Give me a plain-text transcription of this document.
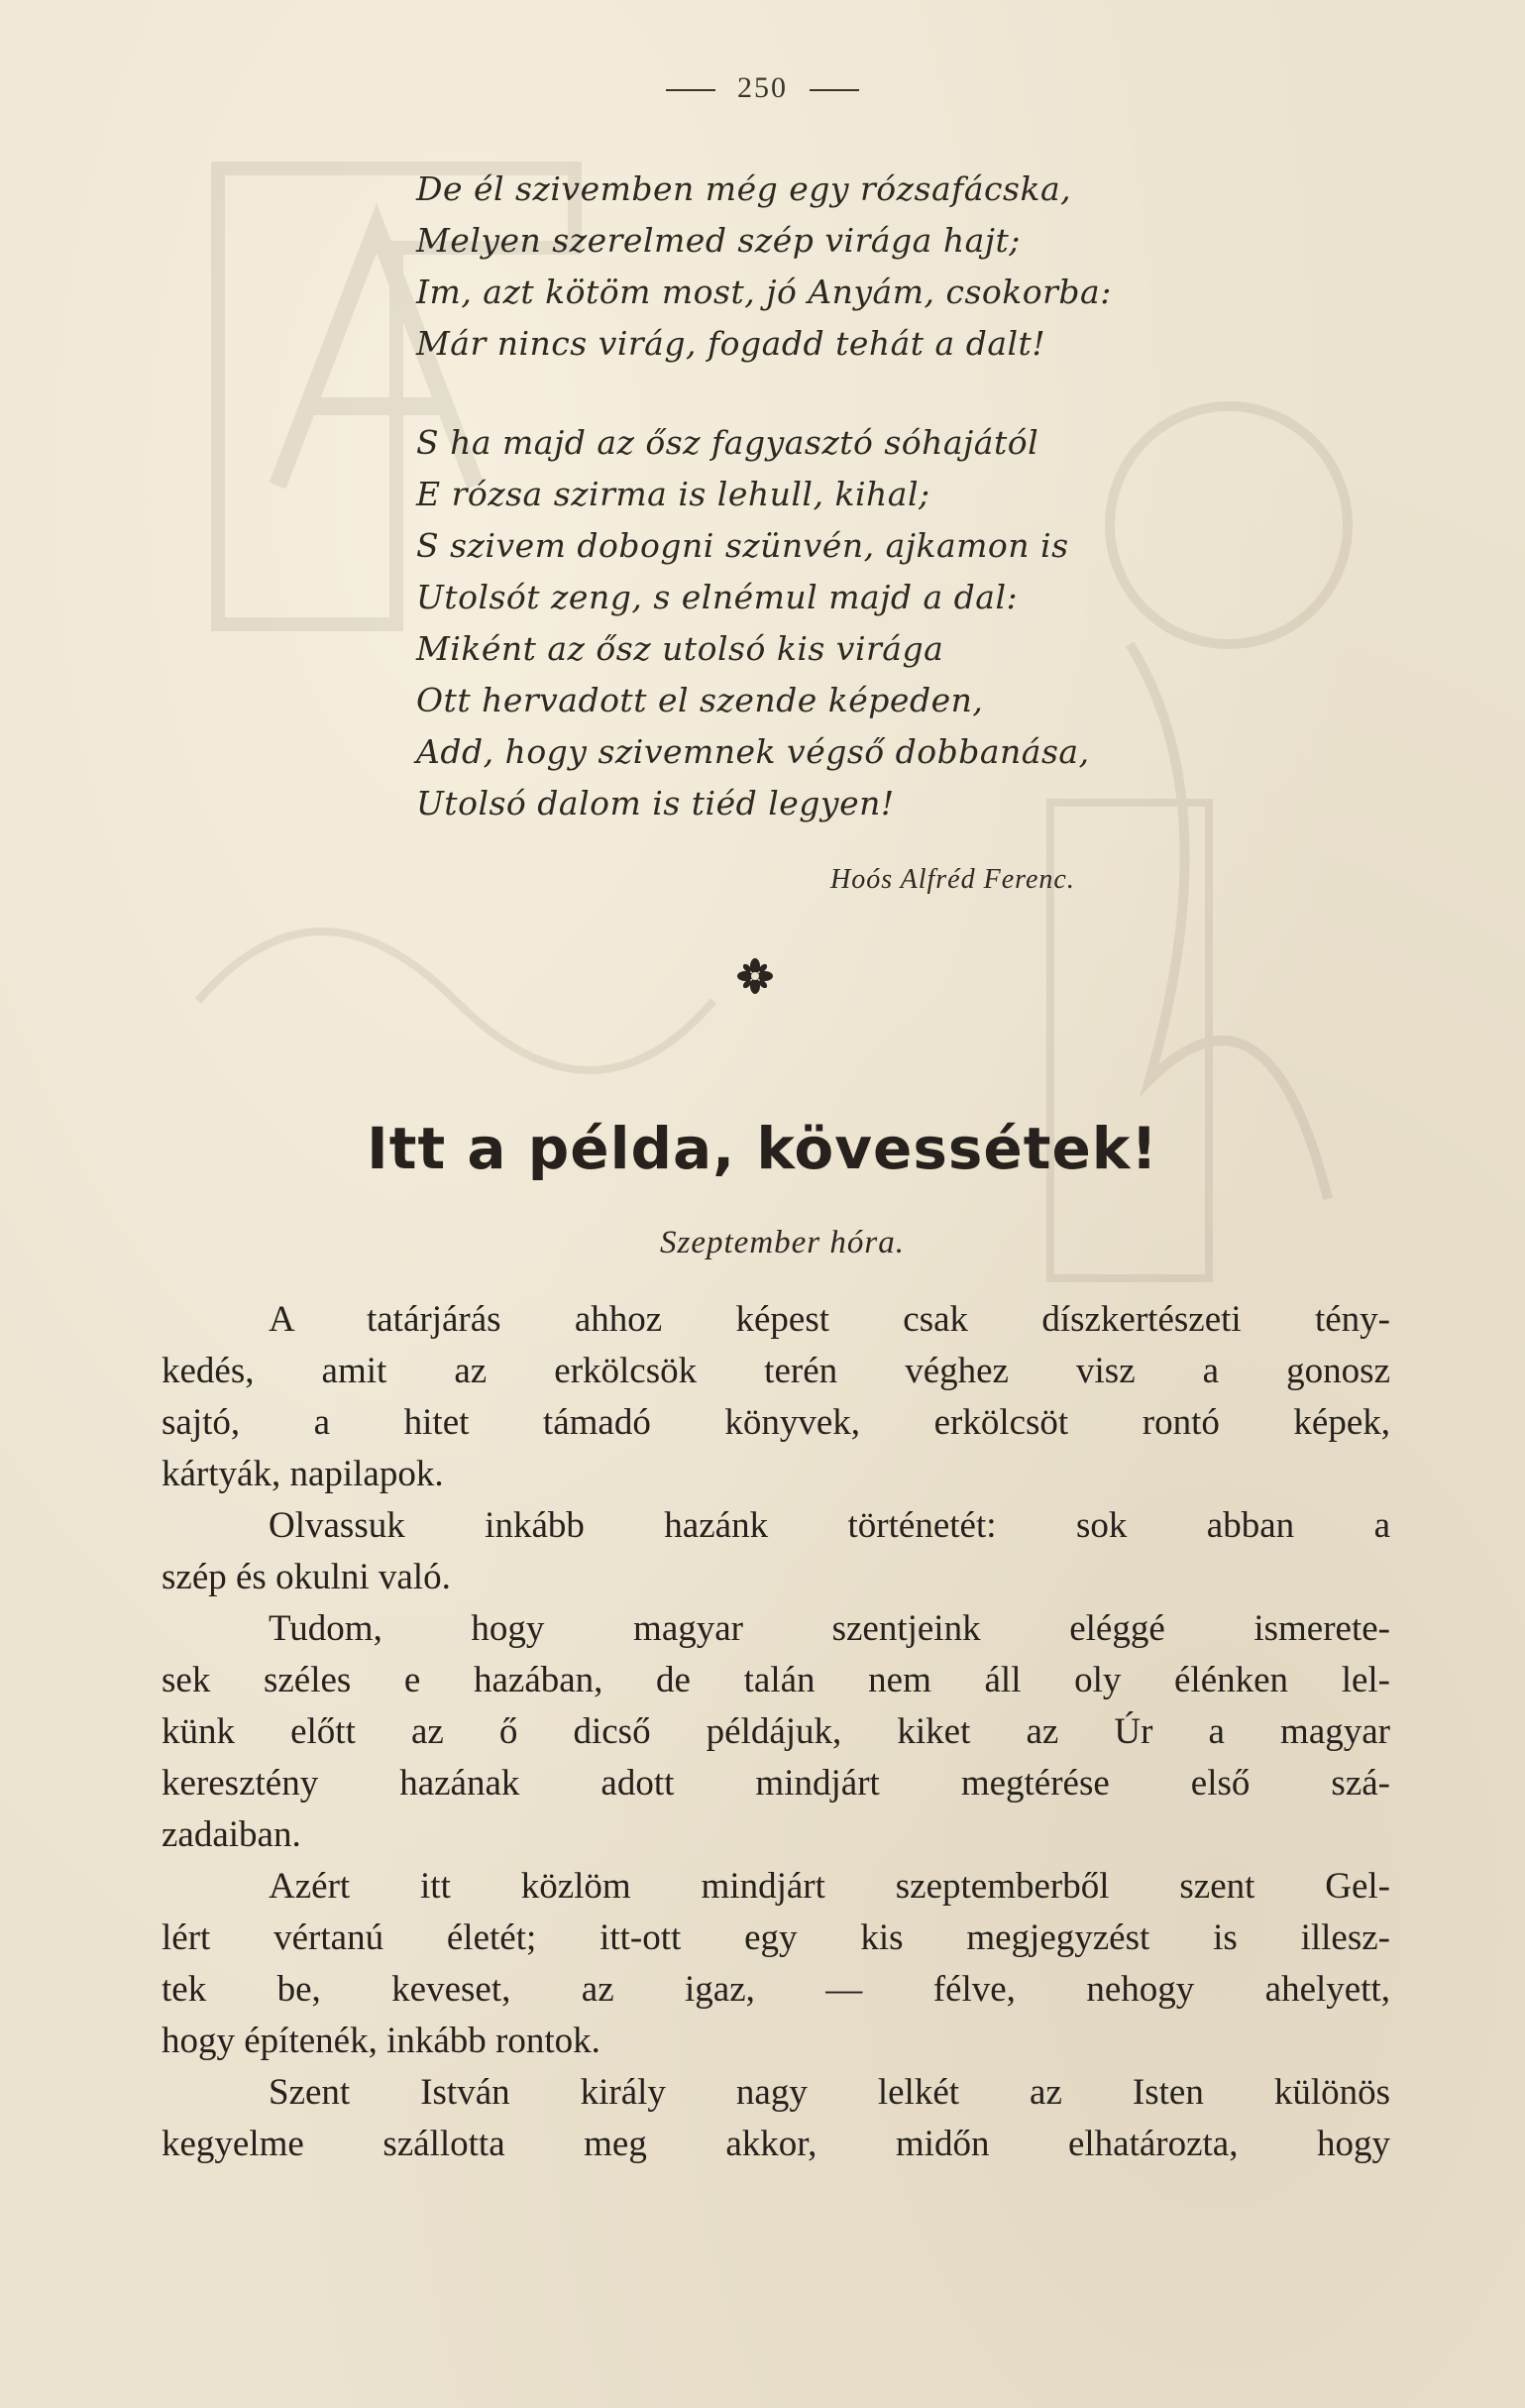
250
De él szivemben még egy rózsafácska,
Melyen szerelmed szép virága hajt;
Im, azt kötöm most, jó Anyám, csokorba:
Már nincs virág, fogadd tehát a dalt!
S ha majd az ősz fagyasztó sóhajától
E rózsa szirma is lehull, kihal;
S szivem dobogni szünvén, ajkamon is
Utolsót zeng, s elnémul majd a dal:
Miként az ősz utolsó kis virága
Ott hervadott el szende képeden,
Add, hogy szivemnek végső dobbanása,
Utolsó dalom is tiéd legyen!
Hoós Alfréd Ferenc.
Itt a példa, kövessétek!
Szeptember hóra.
A tatárjárás ahhoz képest csak díszkertészeti tény-
kedés, amit az erkölcsök terén véghez visz a gonosz
sajtó, a hitet támadó könyvek, erkölcsöt rontó képek,
kártyák, napilapok.
Olvassuk inkább hazánk történetét: sok abban a
szép és okulni való.
Tudom, hogy magyar szentjeink eléggé ismerete-
sek széles e hazában, de talán nem áll oly élénken lel-
künk előtt az ő dicső példájuk, kiket az Úr a magyar
keresztény hazának adott mindjárt megtérése első szá-
zadaiban.
Azért itt közlöm mindjárt szeptemberből szent Gel-
lért vértanú életét; itt-ott egy kis megjegyzést is illesz-
tek be, keveset, az igaz, — félve, nehogy ahelyett,
hogy építenék, inkább rontok.
Szent István király nagy lelkét az Isten különös
kegyelme szállotta meg akkor, midőn elhatározta, hogy
